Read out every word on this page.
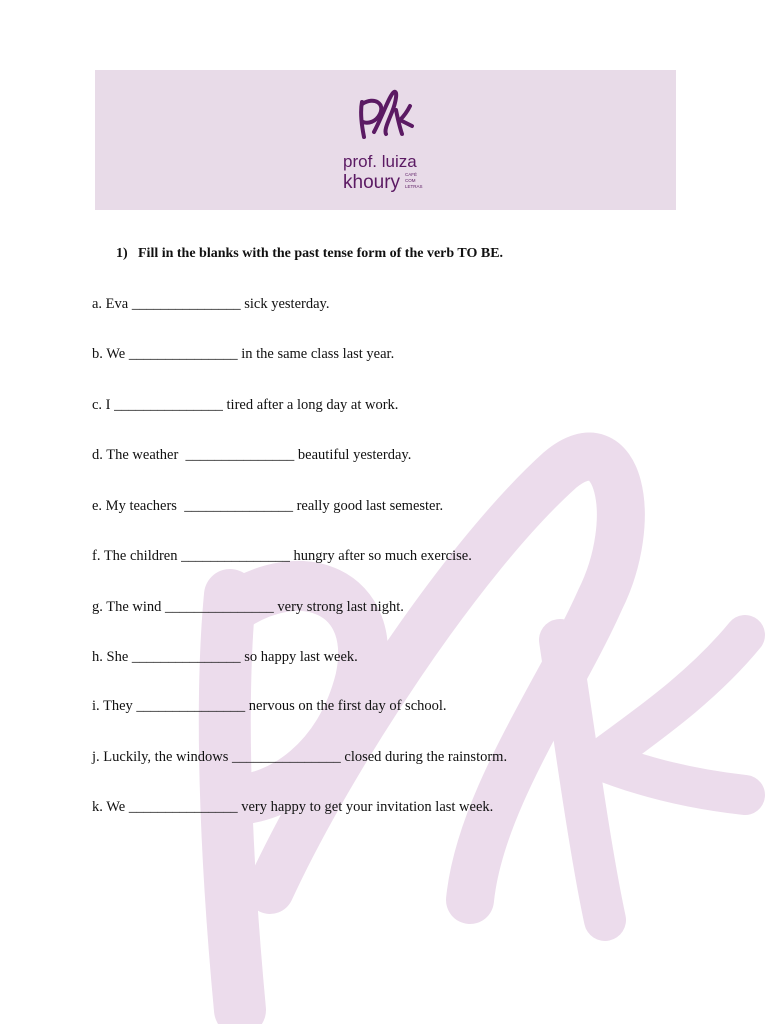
prof. luiza
khoury CAFÉ
COM
LETRAS
1) Fill in the blanks with the past tense form of the verb TO BE.
a. Eva _______________ sick yesterday.
b. We _______________ in the same class last year.
c. I _______________ tired after a long day at work.
d. The weather  _______________ beautiful yesterday.
e. My teachers  _______________ really good last semester.
f. The children _______________ hungry after so much exercise.
g. The wind _______________ very strong last night.
h. She _______________ so happy last week.
i. They _______________ nervous on the first day of school.
j. Luckily, the windows _______________ closed during the rainstorm.
k. We _______________ very happy to get your invitation last week.
